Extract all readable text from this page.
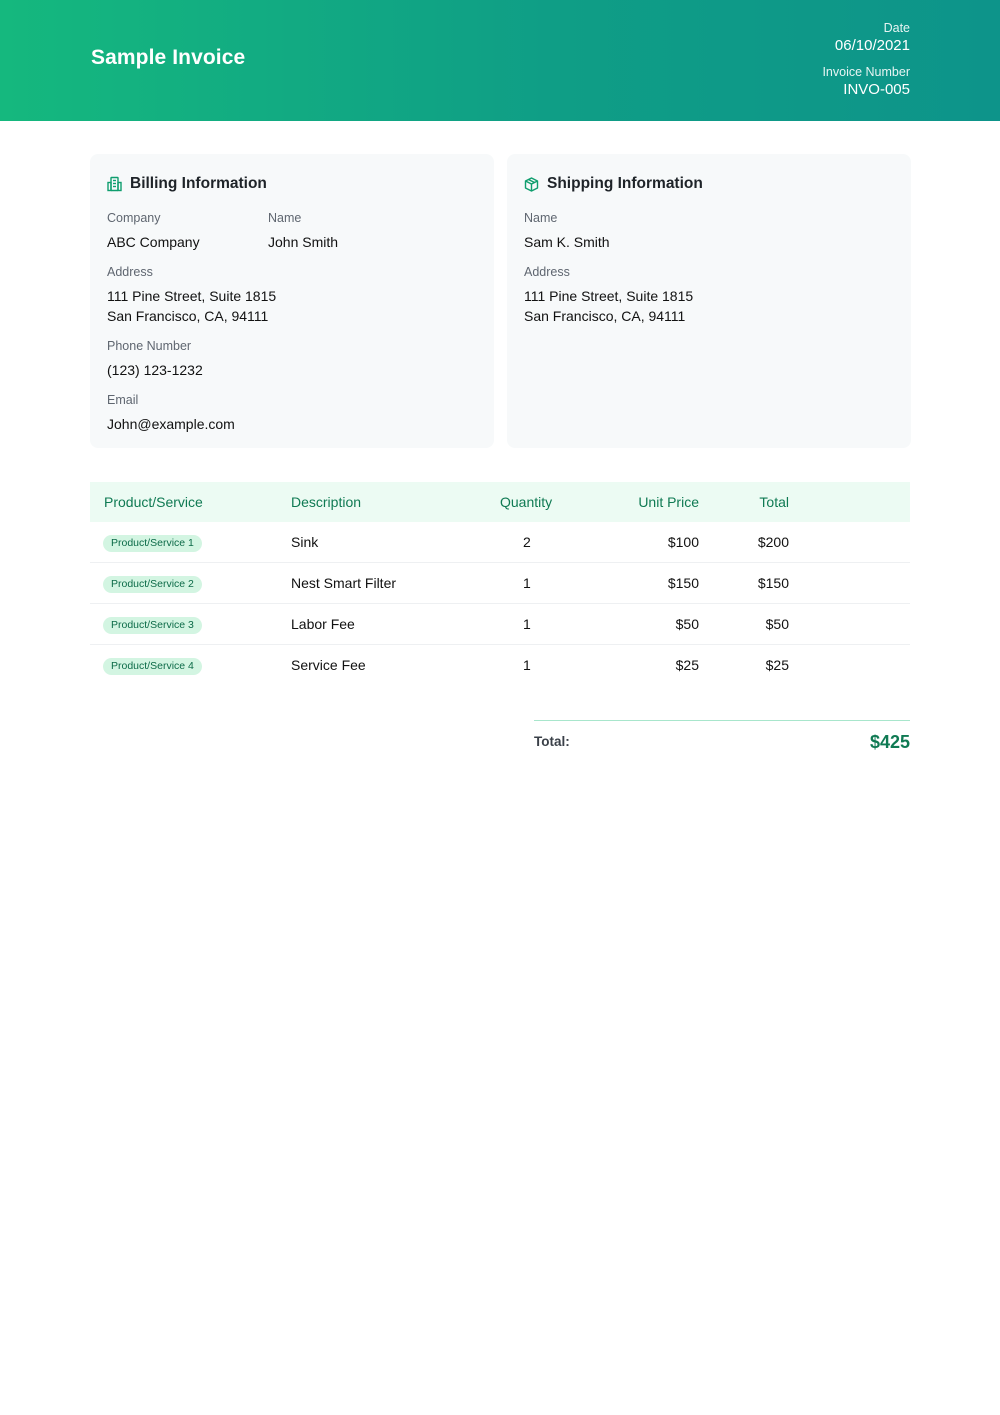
Sample Invoice
Date
06/10/2021
Invoice Number
INVO-005
Billing Information
Company
ABC Company
Name
John Smith
Address
111 Pine Street, Suite 1815
San Francisco, CA, 94111
Phone Number
(123) 123-1232
Email
John@example.com
Shipping Information
Name
Sam K. Smith
Address
111 Pine Street, Suite 1815
San Francisco, CA, 94111
Product/Service	Description	Quantity	Unit Price	Total
Product/Service 1	Sink	2	$100	$200
Product/Service 2	Nest Smart Filter	1	$150	$150
Product/Service 3	Labor Fee	1	$50	$50
Product/Service 4	Service Fee	1	$25	$25
Total:	$425
